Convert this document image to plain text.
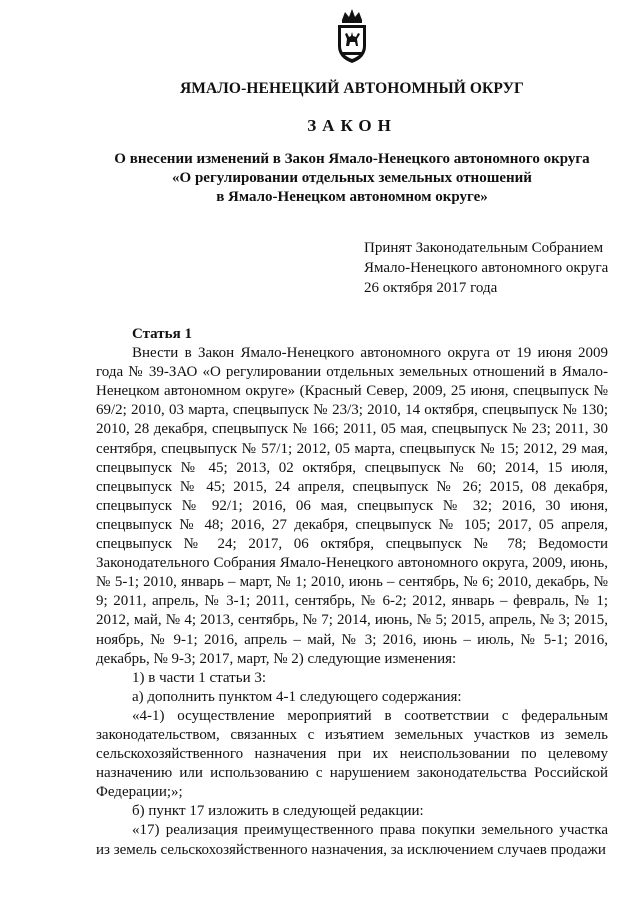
ЯМАЛО-НЕНЕЦКИЙ АВТОНОМНЫЙ ОКРУГ
ЗАКОН
О внесении изменений в Закон Ямало-Ненецкого автономного округа
«О регулировании отдельных земельных отношений
в Ямало-Ненецком автономном округе»
Принят Законодательным Собранием
Ямало-Ненецкого автономного округа
26 октября 2017 года
Статья 1

Внести в Закон Ямало-Ненецкого автономного округа от 19 июня 2009 года № 39-ЗАО «О регулировании отдельных земельных отношений в Ямало-Ненецком автономном округе» (Красный Север, 2009, 25 июня, спецвыпуск № 69/2; 2010, 03 марта, спецвыпуск № 23/3; 2010, 14 октября, спецвыпуск № 130; 2010, 28 декабря, спецвыпуск № 166; 2011, 05 мая, спецвыпуск № 23; 2011, 30 сентября, спецвыпуск № 57/1; 2012, 05 марта, спецвыпуск № 15; 2012, 29 мая, спецвыпуск № 45; 2013, 02 октября, спецвыпуск № 60; 2014, 15 июля, спецвыпуск № 45; 2015, 24 апреля, спецвыпуск № 26; 2015, 08 декабря, спецвыпуск № 92/1; 2016, 06 мая, спецвыпуск № 32; 2016, 30 июня, спецвыпуск № 48; 2016, 27 декабря, спецвыпуск № 105; 2017, 05 апреля, спецвыпуск № 24; 2017, 06 октября, спецвыпуск № 78; Ведомости Законодательного Собрания Ямало-Ненецкого автономного округа, 2009, июнь, № 5-1; 2010, январь – март, № 1; 2010, июнь – сентябрь, № 6; 2010, декабрь, № 9; 2011, апрель, № 3-1; 2011, сентябрь, № 6-2; 2012, январь – февраль, № 1; 2012, май, № 4; 2013, сентябрь, № 7; 2014, июнь, № 5; 2015, апрель, № 3; 2015, ноябрь, № 9-1; 2016, апрель – май, № 3; 2016, июнь – июль, № 5-1; 2016, декабрь, № 9-3; 2017, март, № 2) следующие изменения:

1) в части 1 статьи 3:

а) дополнить пунктом 4-1 следующего содержания:

«4-1) осуществление мероприятий в соответствии с федеральным законодательством, связанных с изъятием земельных участков из земель сельскохозяйственного назначения при их неиспользовании по целевому назначению или использованию с нарушением законодательства Российской Федерации;»;

б) пункт 17 изложить в следующей редакции:

«17) реализация преимущественного права покупки земельного участка из земель сельскохозяйственного назначения, за исключением случаев продажи
